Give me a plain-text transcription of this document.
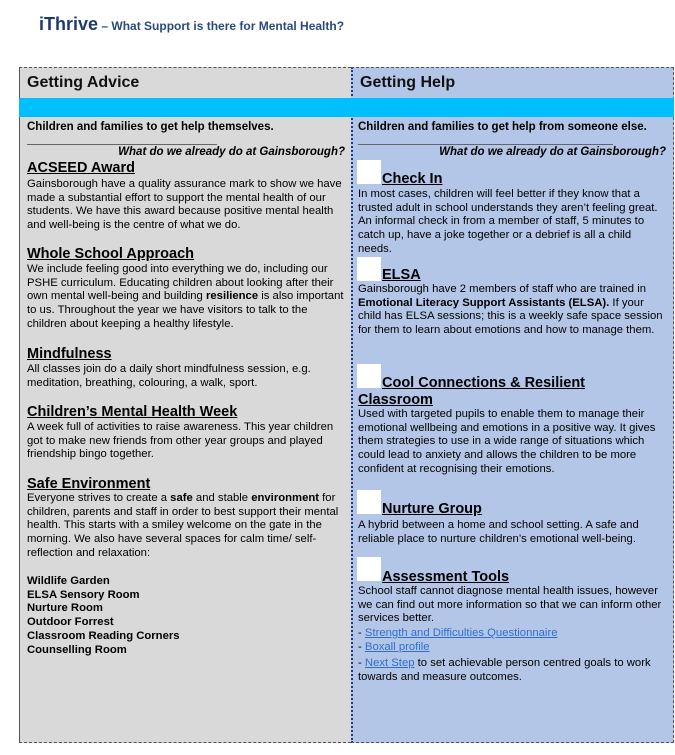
iThrive – What Support is there for Mental Health?
Getting Advice	Getting Help
Children and families to get help themselves.
What do we already do at Gainsborough?
ACSEED Award
Gainsborough have a quality assurance mark to show we have made a substantial effort to support the mental health of our students. We have this award because positive mental health and well-being is the centre of what we do.
Whole School Approach
We include feeling good into everything we do, including our PSHE curriculum. Educating children about looking after their own mental well-being and building resilience is also important to us. Throughout the year we have visitors to talk to the children about keeping a healthy lifestyle.
Mindfulness
All classes join do a daily short mindfulness session, e.g. meditation, breathing, colouring, a walk, sport.
Children’s Mental Health Week
A week full of activities to raise awareness. This year children got to make new friends from other year groups and played friendship bingo together.
Safe Environment
Everyone strives to create a safe and stable environment for children, parents and staff in order to best support their mental health. This starts with a smiley welcome on the gate in the morning. We also have several spaces for calm time/ self-reflection and relaxation:
Wildlife Garden
ELSA Sensory Room
Nurture Room
Outdoor Forrest
Classroom Reading Corners
Counselling Room
Children and families to get help from someone else.
What do we already do at Gainsborough?
Check In
In most cases, children will feel better if they know that a trusted adult in school understands they aren’t feeling great. An informal check in from a member of staff, 5 minutes to catch up, have a joke together or a debrief is all a child needs.
ELSA
Gainsborough have 2 members of staff who are trained in Emotional Literacy Support Assistants (ELSA). If your child has ELSA sessions; this is a weekly safe space session for them to learn about emotions and how to manage them.
Cool Connections & Resilient
Classroom
Used with targeted pupils to enable them to manage their emotional wellbeing and emotions in a positive way. It gives them strategies to use in a wide range of situations which could lead to anxiety and allows the children to be more confident at recognising their emotions.
Nurture Group
A hybrid between a home and school setting. A safe and reliable place to nurture children’s emotional well-being.
Assessment Tools
School staff cannot diagnose mental health issues, however we can find out more information so that we can inform other services better.
- Strength and Difficulties Questionnaire
- Boxall profile
- Next Step to set achievable person centred goals to work towards and measure outcomes.
